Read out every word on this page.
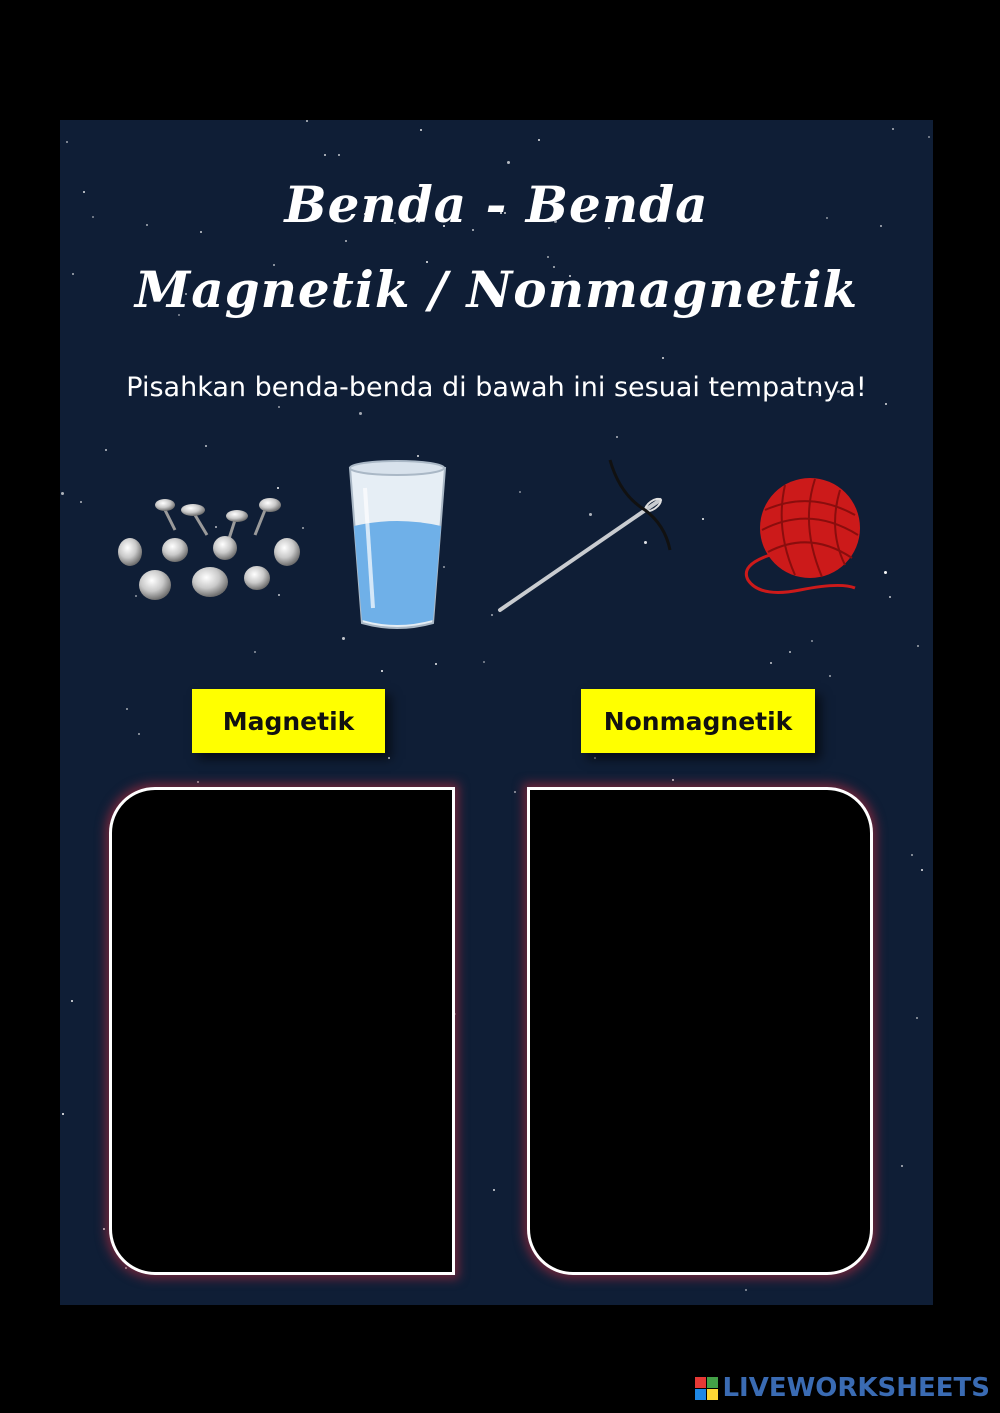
Benda - Benda
Magnetik / Nonmagnetik
Pisahkan benda-benda di bawah ini sesuai tempatnya!
Magnetik	Nonmagnetik
LIVEWORKSHEETS
